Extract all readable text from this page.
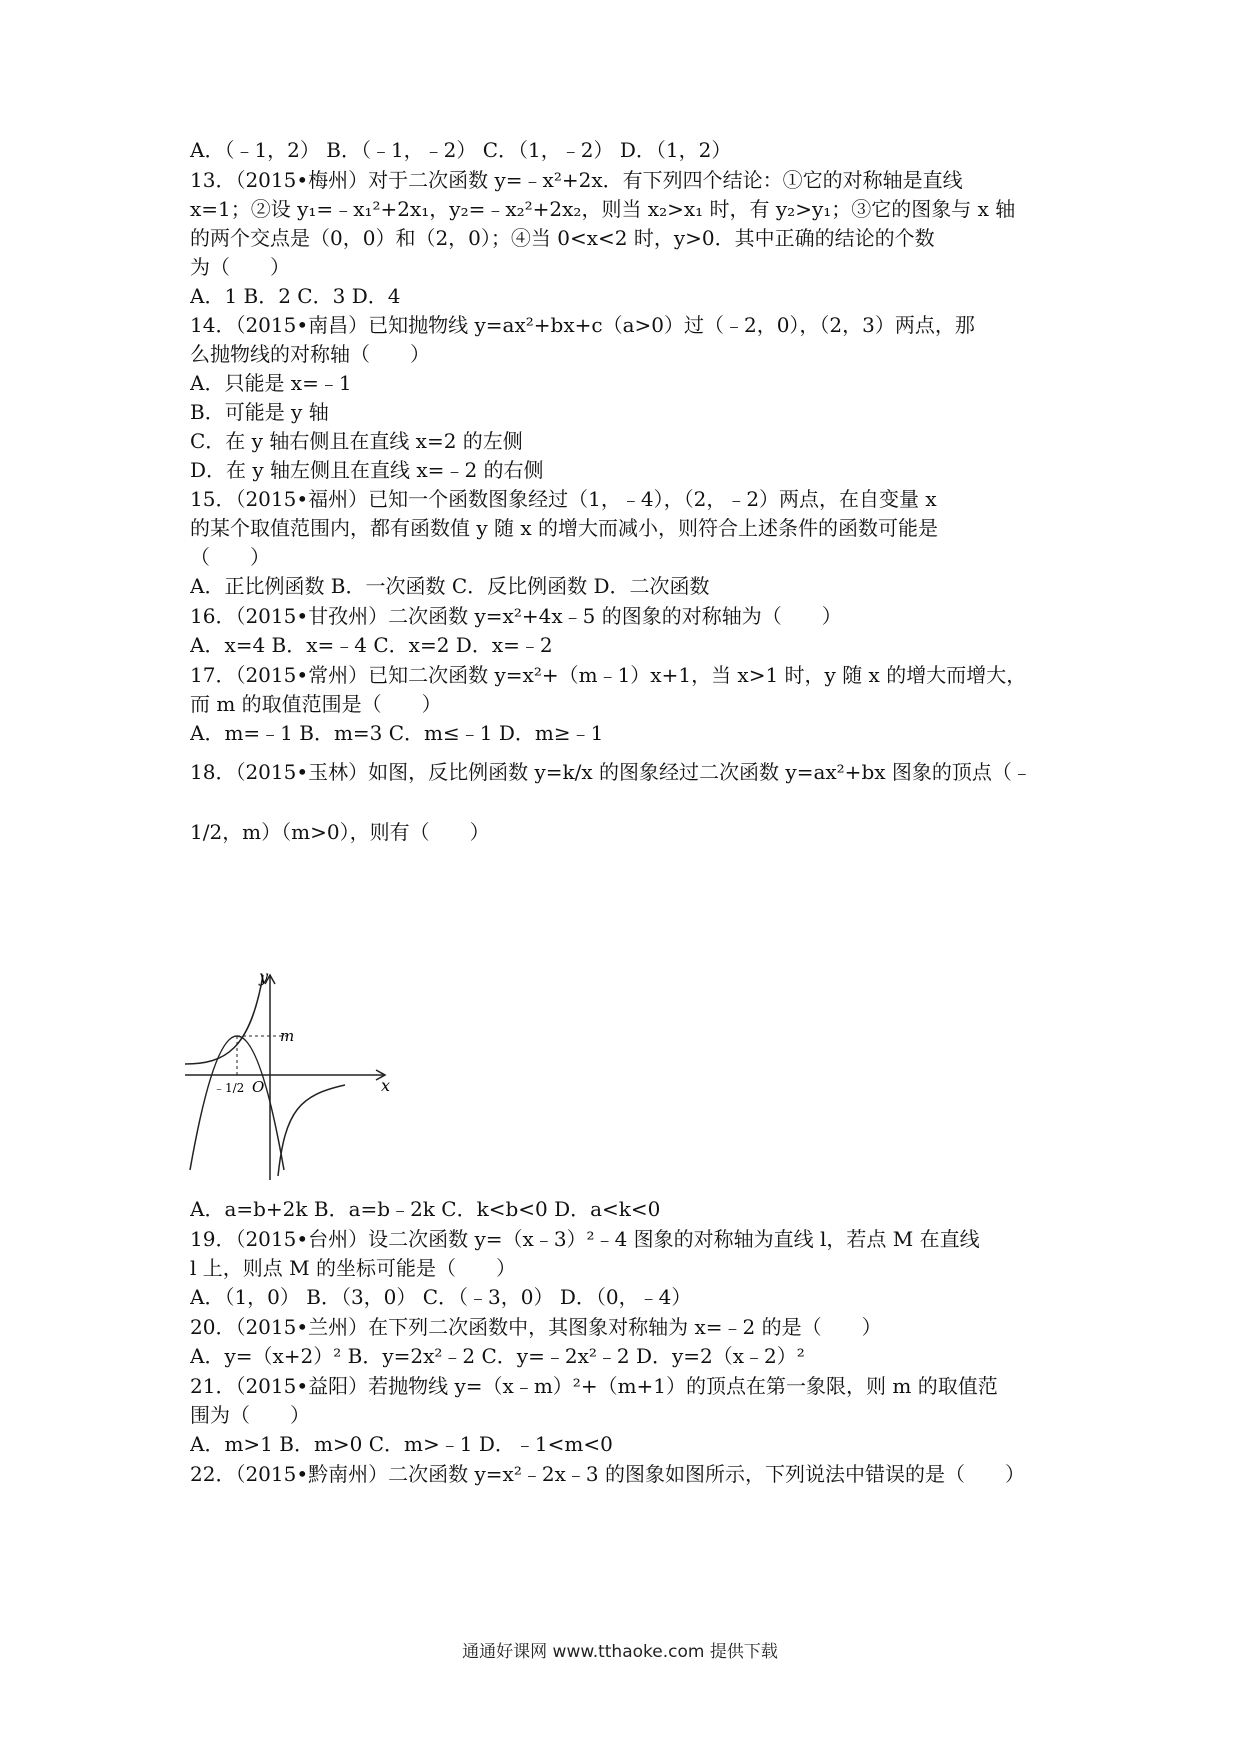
A．（﹣1，2） B．（﹣1，﹣2） C．（1，﹣2） D．（1，2）
13．（2015•梅州）对于二次函数 y=﹣x²+2x．有下列四个结论：①它的对称轴是直线
x=1；②设 y₁=﹣x₁²+2x₁，y₂=﹣x₂²+2x₂，则当 x₂>x₁ 时，有 y₂>y₁；③它的图象与 x 轴
的两个交点是（0，0）和（2，0）；④当 0<x<2 时，y>0．其中正确的结论的个数
为（　　）
A．1 B．2 C．3 D．4
14．（2015•南昌）已知抛物线 y=ax²+bx+c（a>0）过（﹣2，0），（2，3）两点，那
么抛物线的对称轴（　　）
A．只能是 x=﹣1
B．可能是 y 轴
C．在 y 轴右侧且在直线 x=2 的左侧
D．在 y 轴左侧且在直线 x=﹣2 的右侧
15．（2015•福州）已知一个函数图象经过（1，﹣4），（2，﹣2）两点，在自变量 x
的某个取值范围内，都有函数值 y 随 x 的增大而减小，则符合上述条件的函数可能是
（　　）
A．正比例函数 B．一次函数 C．反比例函数 D．二次函数
16．（2015•甘孜州）二次函数 y=x²+4x﹣5 的图象的对称轴为（　　）
A．x=4 B．x=﹣4 C．x=2 D．x=﹣2
17．（2015•常州）已知二次函数 y=x²+（m﹣1）x+1，当 x>1 时，y 随 x 的增大而增大，
而 m 的取值范围是（　　）
A．m=﹣1 B．m=3 C．m≤﹣1 D．m≥﹣1
18．（2015•玉林）如图，反比例函数 y=k/x 的图象经过二次函数 y=ax²+bx 图象的顶点（﹣
1/2，m）（m>0），则有（　　）
y
x
O
m
﹣1/2
A．a=b+2k B．a=b﹣2k C．k<b<0 D．a<k<0
19．（2015•台州）设二次函数 y=（x﹣3）²﹣4 图象的对称轴为直线 l，若点 M 在直线
l 上，则点 M 的坐标可能是（　　）
A．（1，0） B．（3，0） C．（﹣3，0） D．（0，﹣4）
20．（2015•兰州）在下列二次函数中，其图象对称轴为 x=﹣2 的是（　　）
A．y=（x+2）² B．y=2x²﹣2 C．y=﹣2x²﹣2 D．y=2（x﹣2）²
21．（2015•益阳）若抛物线 y=（x﹣m）²+（m+1）的顶点在第一象限，则 m 的取值范
围为（　　）
A．m>1 B．m>0 C．m>﹣1 D．﹣1<m<0
22．（2015•黔南州）二次函数 y=x²﹣2x﹣3 的图象如图所示，下列说法中错误的是（　　）
通通好课网 www.tthaoke.com 提供下载
